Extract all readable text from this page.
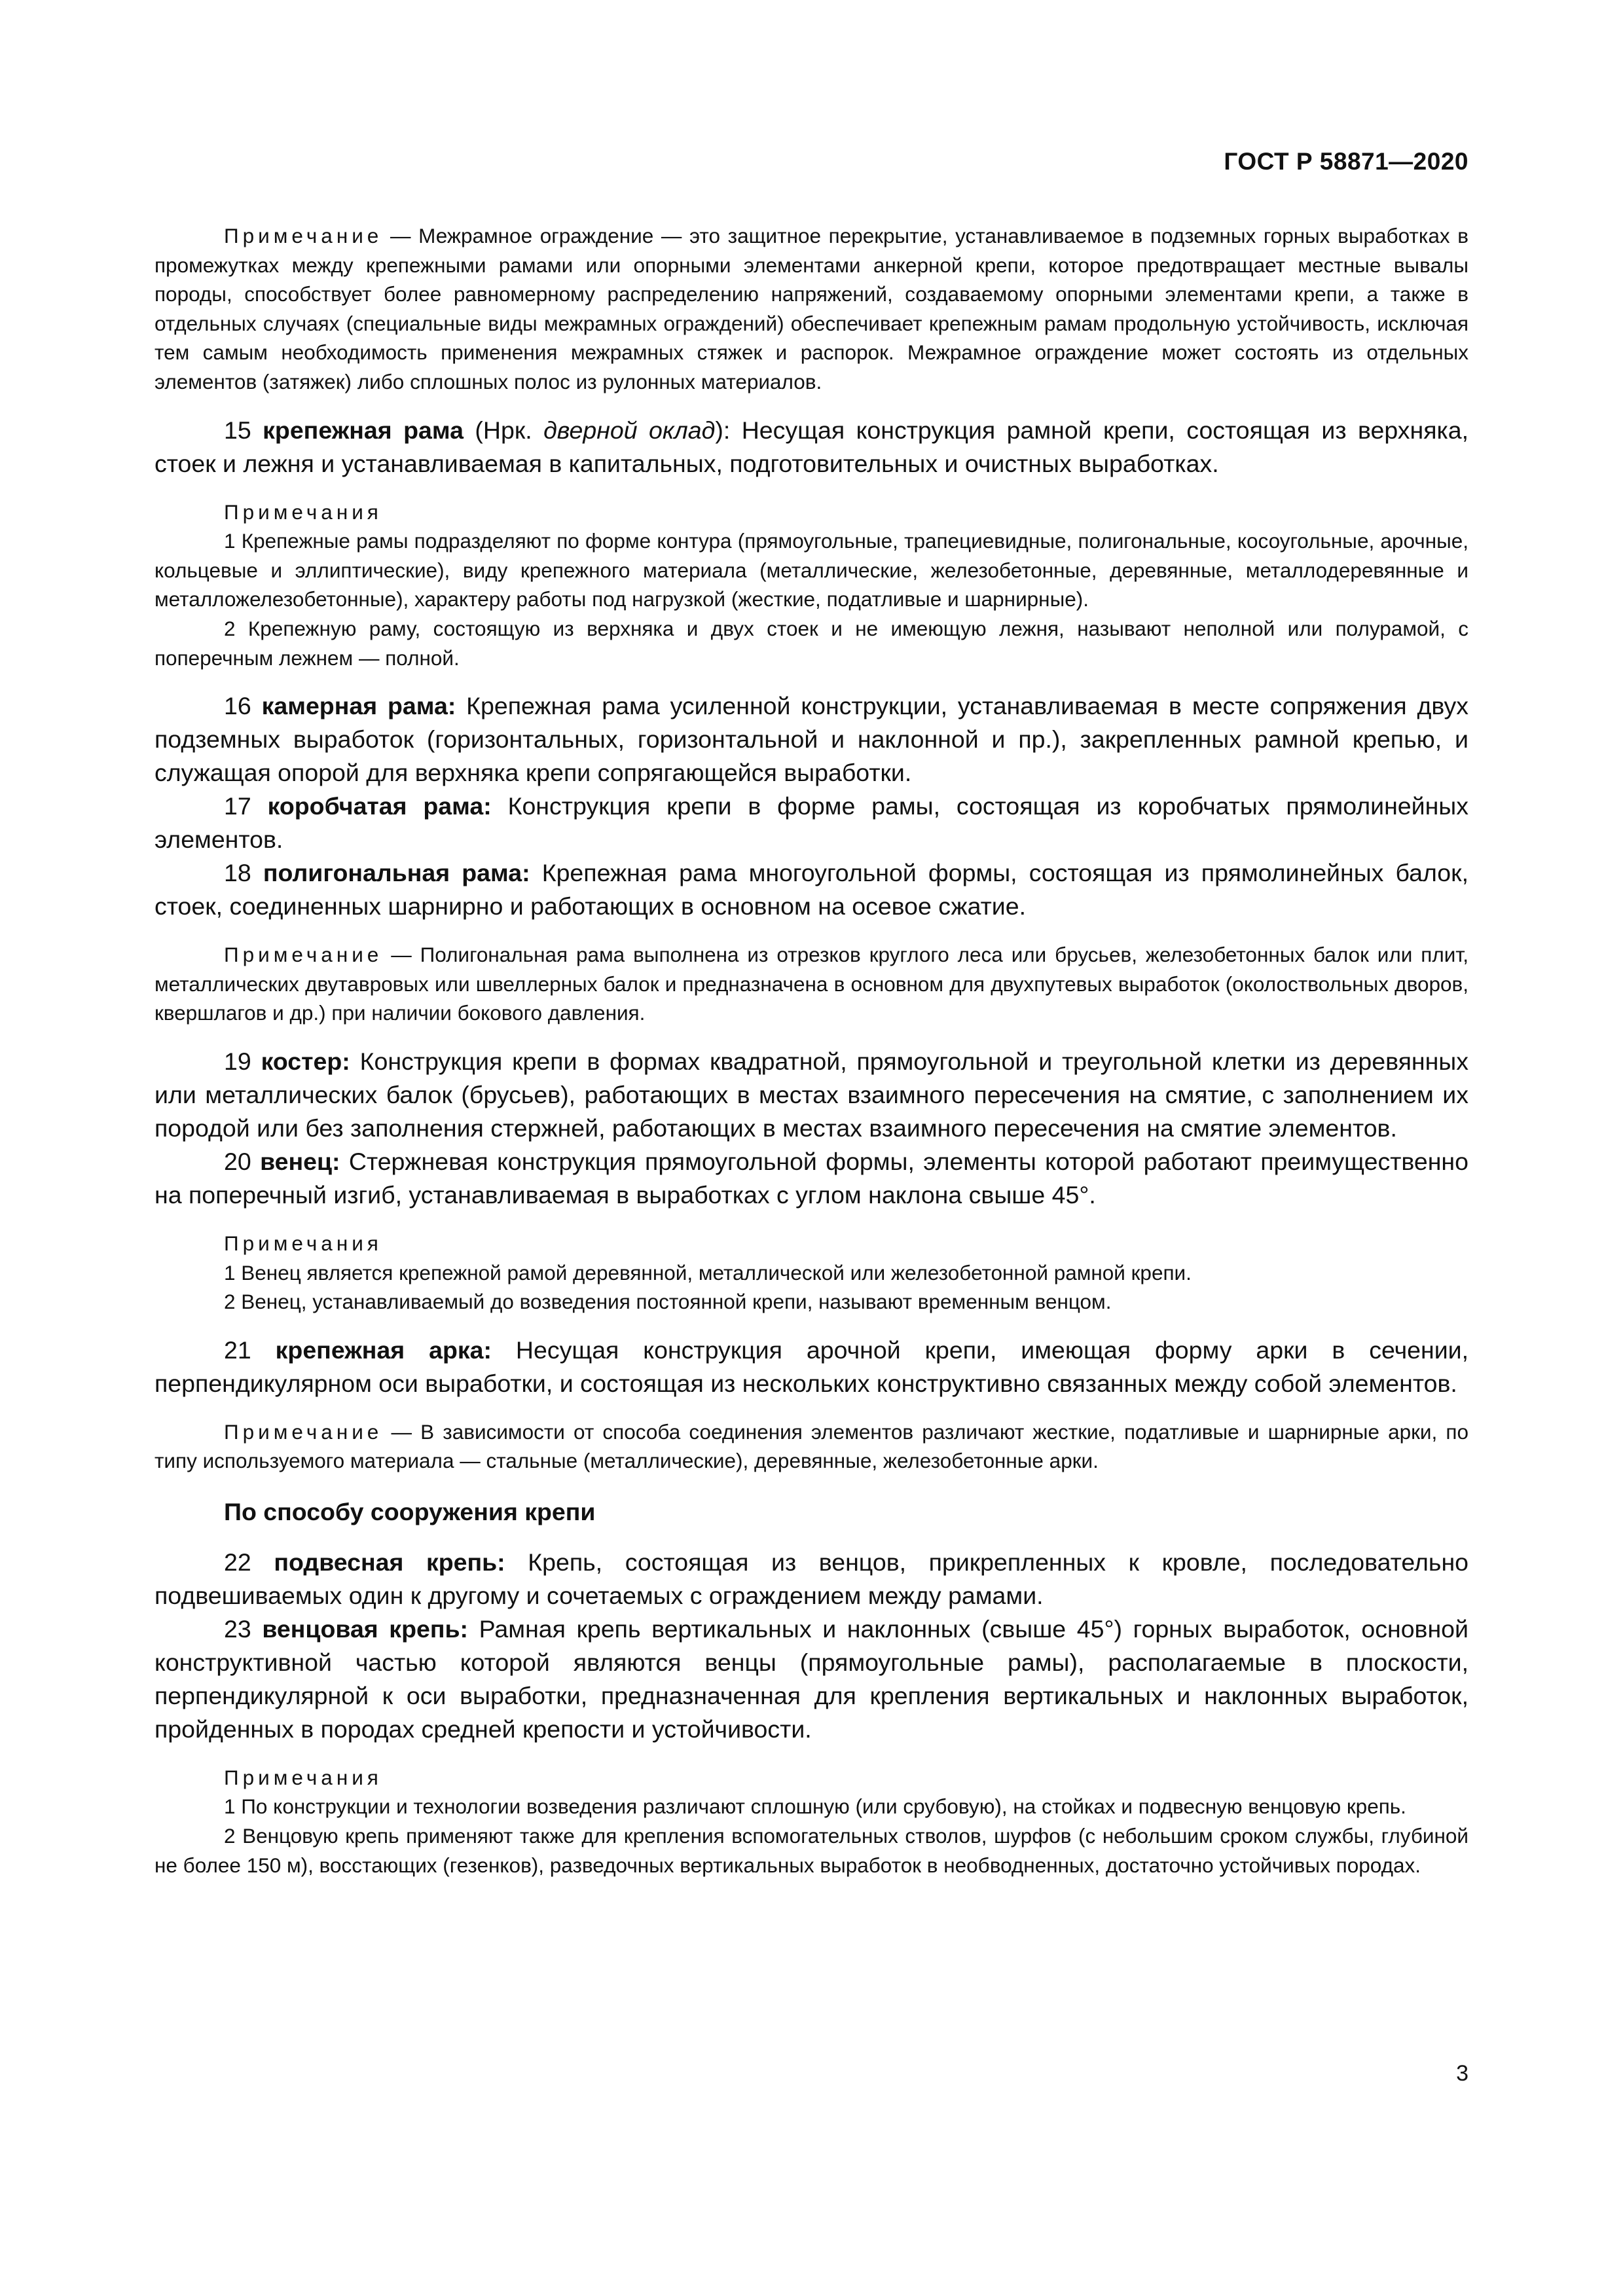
ГОСТ Р 58871—2020

Примечание — Межрамное ограждение — это защитное перекрытие, устанавливаемое в подземных горных выработках в промежутках между крепежными рамами или опорными элементами анкерной крепи, которое предотвращает местные вывалы породы, способствует более равномерному распределению напряжений, создаваемому опорными элементами крепи, а также в отдельных случаях (специальные виды межрамных ограждений) обеспечивает крепежным рамам продольную устойчивость, исключая тем самым необходимость применения межрамных стяжек и распорок. Межрамное ограждение может состоять из отдельных элементов (затяжек) либо сплошных полос из рулонных материалов.

15 крепежная рама (Нрк. дверной оклад): Несущая конструкция рамной крепи, состоящая из верхняка, стоек и лежня и устанавливаемая в капитальных, подготовительных и очистных выработках.

Примечания

1 Крепежные рамы подразделяют по форме контура (прямоугольные, трапециевидные, полигональные, косоугольные, арочные, кольцевые и эллиптические), виду крепежного материала (металлические, железобетонные, деревянные, металлодеревянные и металложелезобетонные), характеру работы под нагрузкой (жесткие, податливые и шарнирные).

2 Крепежную раму, состоящую из верхняка и двух стоек и не имеющую лежня, называют неполной или полурамой, с поперечным лежнем — полной.

16 камерная рама: Крепежная рама усиленной конструкции, устанавливаемая в месте сопряжения двух подземных выработок (горизонтальных, горизонтальной и наклонной и пр.), закрепленных рамной крепью, и служащая опорой для верхняка крепи сопрягающейся выработки.

17 коробчатая рама: Конструкция крепи в форме рамы, состоящая из коробчатых прямолинейных элементов.

18 полигональная рама: Крепежная рама многоугольной формы, состоящая из прямолинейных балок, стоек, соединенных шарнирно и работающих в основном на осевое сжатие.

Примечание — Полигональная рама выполнена из отрезков круглого леса или брусьев, железобетонных балок или плит, металлических двутавровых или швеллерных балок и предназначена в основном для двухпутевых выработок (околоствольных дворов, квершлагов и др.) при наличии бокового давления.

19 костер: Конструкция крепи в формах квадратной, прямоугольной и треугольной клетки из деревянных или металлических балок (брусьев), работающих в местах взаимного пересечения на смятие, с заполнением их породой или без заполнения стержней, работающих в местах взаимного пересечения на смятие элементов.

20 венец: Стержневая конструкция прямоугольной формы, элементы которой работают преимущественно на поперечный изгиб, устанавливаемая в выработках с углом наклона свыше 45°.

Примечания

1 Венец является крепежной рамой деревянной, металлической или железобетонной рамной крепи.

2 Венец, устанавливаемый до возведения постоянной крепи, называют временным венцом.

21 крепежная арка: Несущая конструкция арочной крепи, имеющая форму арки в сечении, перпендикулярном оси выработки, и состоящая из нескольких конструктивно связанных между собой элементов.

Примечание — В зависимости от способа соединения элементов различают жесткие, податливые и шарнирные арки, по типу используемого материала — стальные (металлические), деревянные, железобетонные арки.

По способу сооружения крепи

22 подвесная крепь: Крепь, состоящая из венцов, прикрепленных к кровле, последовательно подвешиваемых один к другому и сочетаемых с ограждением между рамами.

23 венцовая крепь: Рамная крепь вертикальных и наклонных (свыше 45°) горных выработок, основной конструктивной частью которой являются венцы (прямоугольные рамы), располагаемые в плоскости, перпендикулярной к оси выработки, предназначенная для крепления вертикальных и наклонных выработок, пройденных в породах средней крепости и устойчивости.

Примечания

1 По конструкции и технологии возведения различают сплошную (или срубовую), на стойках и подвесную венцовую крепь.

2 Венцовую крепь применяют также для крепления вспомогательных стволов, шурфов (с небольшим сроком службы, глубиной не более 150 м), восстающих (гезенков), разведочных вертикальных выработок в необводненных, достаточно устойчивых породах.

3
